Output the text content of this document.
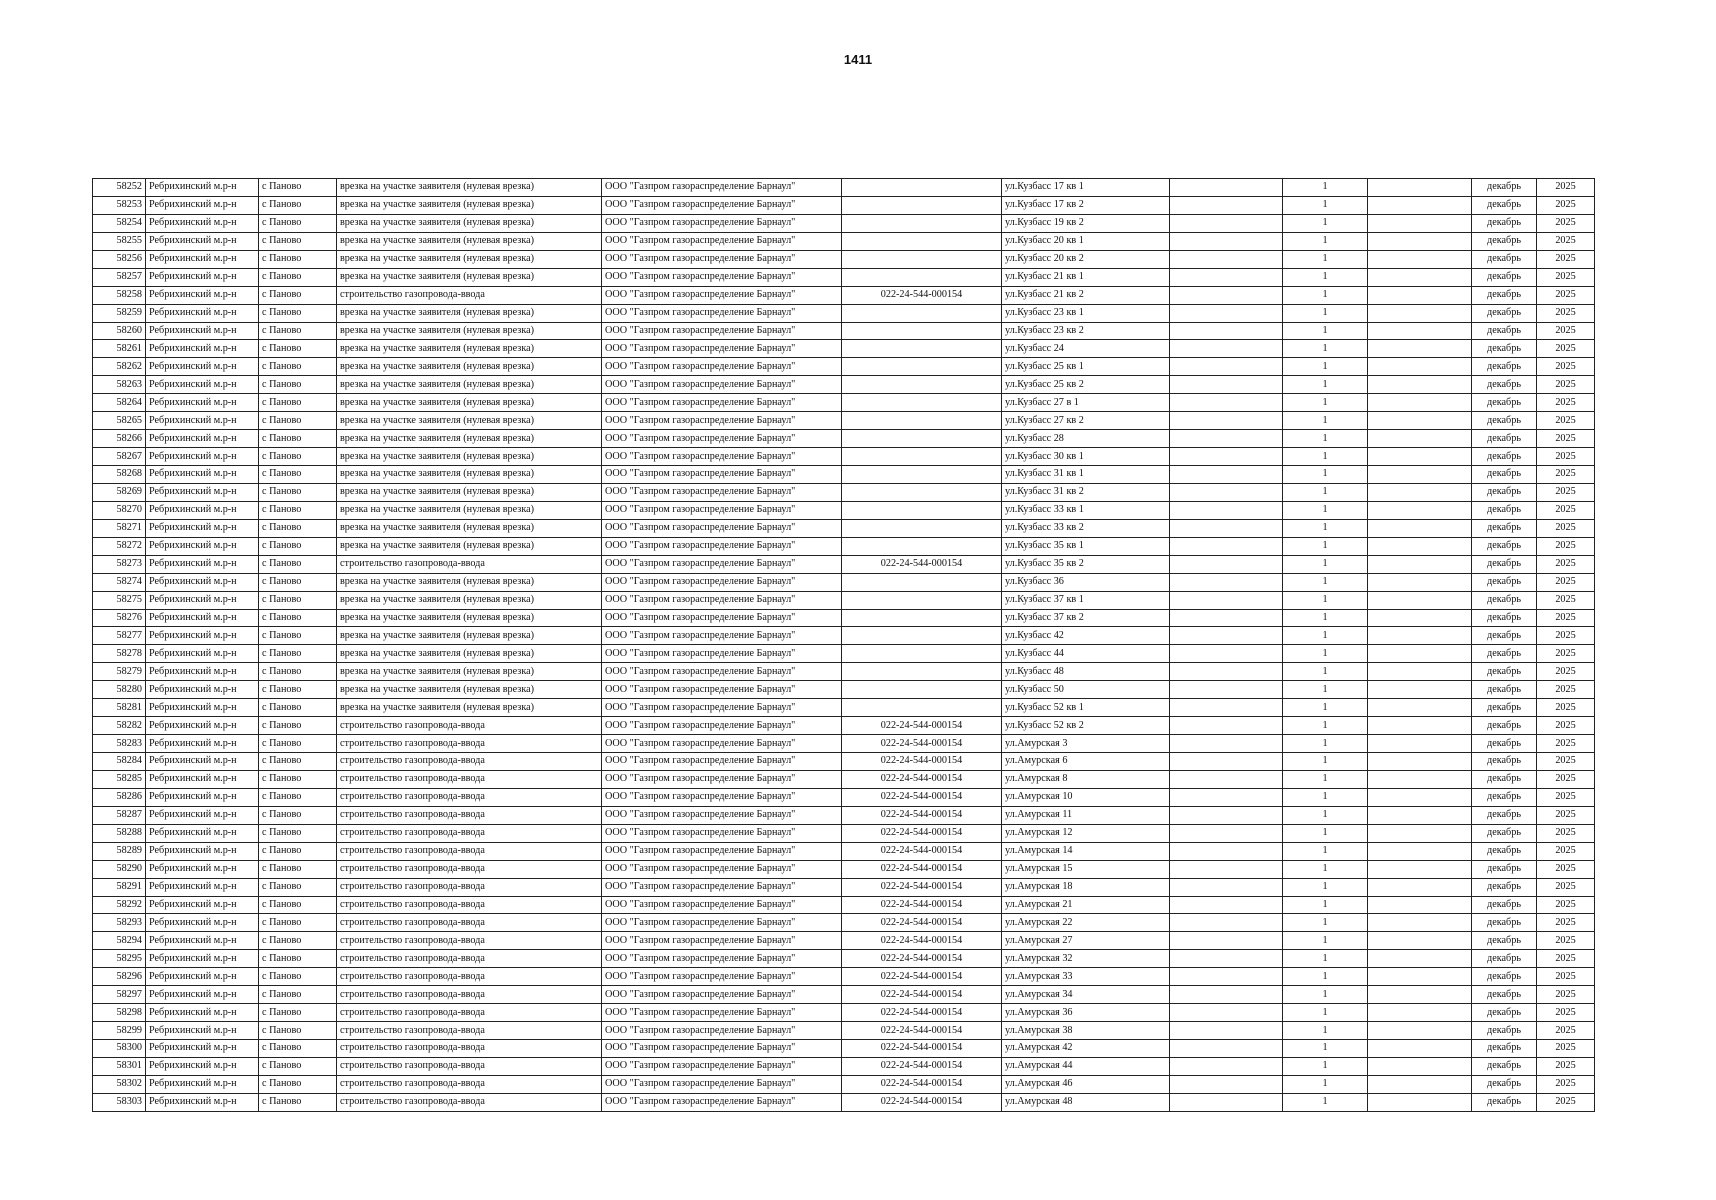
1411
58252	Ребрихинский м.р-н	с Паново	врезка на участке заявителя (нулевая врезка)	ООО "Газпром газораспределение Барнаул"		ул.Кузбасс 17 кв 1		1		декабрь	2025
58253	Ребрихинский м.р-н	с Паново	врезка на участке заявителя (нулевая врезка)	ООО "Газпром газораспределение Барнаул"		ул.Кузбасс 17 кв 2		1		декабрь	2025
58254	Ребрихинский м.р-н	с Паново	врезка на участке заявителя (нулевая врезка)	ООО "Газпром газораспределение Барнаул"		ул.Кузбасс 19 кв 2		1		декабрь	2025
58255	Ребрихинский м.р-н	с Паново	врезка на участке заявителя (нулевая врезка)	ООО "Газпром газораспределение Барнаул"		ул.Кузбасс 20 кв 1		1		декабрь	2025
58256	Ребрихинский м.р-н	с Паново	врезка на участке заявителя (нулевая врезка)	ООО "Газпром газораспределение Барнаул"		ул.Кузбасс 20 кв 2		1		декабрь	2025
58257	Ребрихинский м.р-н	с Паново	врезка на участке заявителя (нулевая врезка)	ООО "Газпром газораспределение Барнаул"		ул.Кузбасс 21 кв 1		1		декабрь	2025
58258	Ребрихинский м.р-н	с Паново	строительство газопровода-ввода	ООО "Газпром газораспределение Барнаул"	022-24-544-000154	ул.Кузбасс 21 кв 2		1		декабрь	2025
58259	Ребрихинский м.р-н	с Паново	врезка на участке заявителя (нулевая врезка)	ООО "Газпром газораспределение Барнаул"		ул.Кузбасс 23 кв 1		1		декабрь	2025
58260	Ребрихинский м.р-н	с Паново	врезка на участке заявителя (нулевая врезка)	ООО "Газпром газораспределение Барнаул"		ул.Кузбасс 23 кв 2		1		декабрь	2025
58261	Ребрихинский м.р-н	с Паново	врезка на участке заявителя (нулевая врезка)	ООО "Газпром газораспределение Барнаул"		ул.Кузбасс 24		1		декабрь	2025
58262	Ребрихинский м.р-н	с Паново	врезка на участке заявителя (нулевая врезка)	ООО "Газпром газораспределение Барнаул"		ул.Кузбасс 25 кв 1		1		декабрь	2025
58263	Ребрихинский м.р-н	с Паново	врезка на участке заявителя (нулевая врезка)	ООО "Газпром газораспределение Барнаул"		ул.Кузбасс 25 кв 2		1		декабрь	2025
58264	Ребрихинский м.р-н	с Паново	врезка на участке заявителя (нулевая врезка)	ООО "Газпром газораспределение Барнаул"		ул.Кузбасс 27 в 1		1		декабрь	2025
58265	Ребрихинский м.р-н	с Паново	врезка на участке заявителя (нулевая врезка)	ООО "Газпром газораспределение Барнаул"		ул.Кузбасс 27 кв 2		1		декабрь	2025
58266	Ребрихинский м.р-н	с Паново	врезка на участке заявителя (нулевая врезка)	ООО "Газпром газораспределение Барнаул"		ул.Кузбасс 28		1		декабрь	2025
58267	Ребрихинский м.р-н	с Паново	врезка на участке заявителя (нулевая врезка)	ООО "Газпром газораспределение Барнаул"		ул.Кузбасс 30 кв 1		1		декабрь	2025
58268	Ребрихинский м.р-н	с Паново	врезка на участке заявителя (нулевая врезка)	ООО "Газпром газораспределение Барнаул"		ул.Кузбасс 31 кв 1		1		декабрь	2025
58269	Ребрихинский м.р-н	с Паново	врезка на участке заявителя (нулевая врезка)	ООО "Газпром газораспределение Барнаул"		ул.Кузбасс 31 кв 2		1		декабрь	2025
58270	Ребрихинский м.р-н	с Паново	врезка на участке заявителя (нулевая врезка)	ООО "Газпром газораспределение Барнаул"		ул.Кузбасс 33 кв 1		1		декабрь	2025
58271	Ребрихинский м.р-н	с Паново	врезка на участке заявителя (нулевая врезка)	ООО "Газпром газораспределение Барнаул"		ул.Кузбасс 33 кв 2		1		декабрь	2025
58272	Ребрихинский м.р-н	с Паново	врезка на участке заявителя (нулевая врезка)	ООО "Газпром газораспределение Барнаул"		ул.Кузбасс 35 кв 1		1		декабрь	2025
58273	Ребрихинский м.р-н	с Паново	строительство газопровода-ввода	ООО "Газпром газораспределение Барнаул"	022-24-544-000154	ул.Кузбасс 35 кв 2		1		декабрь	2025
58274	Ребрихинский м.р-н	с Паново	врезка на участке заявителя (нулевая врезка)	ООО "Газпром газораспределение Барнаул"		ул.Кузбасс 36		1		декабрь	2025
58275	Ребрихинский м.р-н	с Паново	врезка на участке заявителя (нулевая врезка)	ООО "Газпром газораспределение Барнаул"		ул.Кузбасс 37 кв 1		1		декабрь	2025
58276	Ребрихинский м.р-н	с Паново	врезка на участке заявителя (нулевая врезка)	ООО "Газпром газораспределение Барнаул"		ул.Кузбасс 37 кв 2		1		декабрь	2025
58277	Ребрихинский м.р-н	с Паново	врезка на участке заявителя (нулевая врезка)	ООО "Газпром газораспределение Барнаул"		ул.Кузбасс 42		1		декабрь	2025
58278	Ребрихинский м.р-н	с Паново	врезка на участке заявителя (нулевая врезка)	ООО "Газпром газораспределение Барнаул"		ул.Кузбасс 44		1		декабрь	2025
58279	Ребрихинский м.р-н	с Паново	врезка на участке заявителя (нулевая врезка)	ООО "Газпром газораспределение Барнаул"		ул.Кузбасс 48		1		декабрь	2025
58280	Ребрихинский м.р-н	с Паново	врезка на участке заявителя (нулевая врезка)	ООО "Газпром газораспределение Барнаул"		ул.Кузбасс 50		1		декабрь	2025
58281	Ребрихинский м.р-н	с Паново	врезка на участке заявителя (нулевая врезка)	ООО "Газпром газораспределение Барнаул"		ул.Кузбасс 52 кв 1		1		декабрь	2025
58282	Ребрихинский м.р-н	с Паново	строительство газопровода-ввода	ООО "Газпром газораспределение Барнаул"	022-24-544-000154	ул.Кузбасс 52 кв 2		1		декабрь	2025
58283	Ребрихинский м.р-н	с Паново	строительство газопровода-ввода	ООО "Газпром газораспределение Барнаул"	022-24-544-000154	ул.Амурская 3		1		декабрь	2025
58284	Ребрихинский м.р-н	с Паново	строительство газопровода-ввода	ООО "Газпром газораспределение Барнаул"	022-24-544-000154	ул.Амурская 6		1		декабрь	2025
58285	Ребрихинский м.р-н	с Паново	строительство газопровода-ввода	ООО "Газпром газораспределение Барнаул"	022-24-544-000154	ул.Амурская 8		1		декабрь	2025
58286	Ребрихинский м.р-н	с Паново	строительство газопровода-ввода	ООО "Газпром газораспределение Барнаул"	022-24-544-000154	ул.Амурская 10		1		декабрь	2025
58287	Ребрихинский м.р-н	с Паново	строительство газопровода-ввода	ООО "Газпром газораспределение Барнаул"	022-24-544-000154	ул.Амурская 11		1		декабрь	2025
58288	Ребрихинский м.р-н	с Паново	строительство газопровода-ввода	ООО "Газпром газораспределение Барнаул"	022-24-544-000154	ул.Амурская 12		1		декабрь	2025
58289	Ребрихинский м.р-н	с Паново	строительство газопровода-ввода	ООО "Газпром газораспределение Барнаул"	022-24-544-000154	ул.Амурская 14		1		декабрь	2025
58290	Ребрихинский м.р-н	с Паново	строительство газопровода-ввода	ООО "Газпром газораспределение Барнаул"	022-24-544-000154	ул.Амурская 15		1		декабрь	2025
58291	Ребрихинский м.р-н	с Паново	строительство газопровода-ввода	ООО "Газпром газораспределение Барнаул"	022-24-544-000154	ул.Амурская 18		1		декабрь	2025
58292	Ребрихинский м.р-н	с Паново	строительство газопровода-ввода	ООО "Газпром газораспределение Барнаул"	022-24-544-000154	ул.Амурская 21		1		декабрь	2025
58293	Ребрихинский м.р-н	с Паново	строительство газопровода-ввода	ООО "Газпром газораспределение Барнаул"	022-24-544-000154	ул.Амурская 22		1		декабрь	2025
58294	Ребрихинский м.р-н	с Паново	строительство газопровода-ввода	ООО "Газпром газораспределение Барнаул"	022-24-544-000154	ул.Амурская 27		1		декабрь	2025
58295	Ребрихинский м.р-н	с Паново	строительство газопровода-ввода	ООО "Газпром газораспределение Барнаул"	022-24-544-000154	ул.Амурская 32		1		декабрь	2025
58296	Ребрихинский м.р-н	с Паново	строительство газопровода-ввода	ООО "Газпром газораспределение Барнаул"	022-24-544-000154	ул.Амурская 33		1		декабрь	2025
58297	Ребрихинский м.р-н	с Паново	строительство газопровода-ввода	ООО "Газпром газораспределение Барнаул"	022-24-544-000154	ул.Амурская 34		1		декабрь	2025
58298	Ребрихинский м.р-н	с Паново	строительство газопровода-ввода	ООО "Газпром газораспределение Барнаул"	022-24-544-000154	ул.Амурская 36		1		декабрь	2025
58299	Ребрихинский м.р-н	с Паново	строительство газопровода-ввода	ООО "Газпром газораспределение Барнаул"	022-24-544-000154	ул.Амурская 38		1		декабрь	2025
58300	Ребрихинский м.р-н	с Паново	строительство газопровода-ввода	ООО "Газпром газораспределение Барнаул"	022-24-544-000154	ул.Амурская 42		1		декабрь	2025
58301	Ребрихинский м.р-н	с Паново	строительство газопровода-ввода	ООО "Газпром газораспределение Барнаул"	022-24-544-000154	ул.Амурская 44		1		декабрь	2025
58302	Ребрихинский м.р-н	с Паново	строительство газопровода-ввода	ООО "Газпром газораспределение Барнаул"	022-24-544-000154	ул.Амурская 46		1		декабрь	2025
58303	Ребрихинский м.р-н	с Паново	строительство газопровода-ввода	ООО "Газпром газораспределение Барнаул"	022-24-544-000154	ул.Амурская 48		1		декабрь	2025
